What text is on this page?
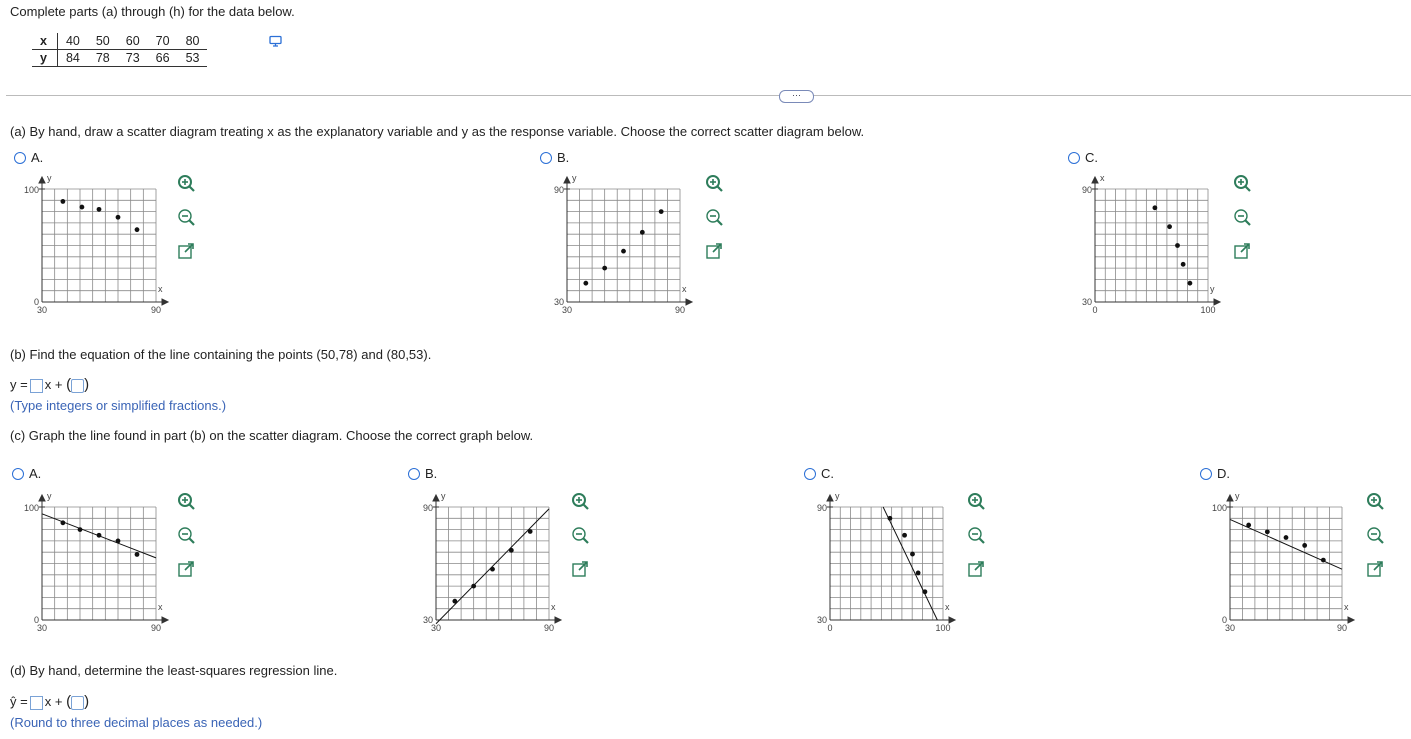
Complete parts (a) through (h) for the data below.
x	40	50	60	70	80
y	84	78	73	66	53
⋯
(a) By hand, draw a scatter diagram treating x as the explanatory variable and y as the response variable. Choose the correct scatter diagram below.
A.	B.	C.
(b) Find the equation of the line containing the points (50,78) and (80,53).
y = x + ( )
(Type integers or simplified fractions.)
(c) Graph the line found in part (b) on the scatter diagram. Choose the correct graph below.
A.	B.	C.	D.
(d) By hand, determine the least-squares regression line.
ŷ = x + ( )
(Round to three decimal places as needed.)
y
x
100
0
30	90
y
x
90
30
30	90
x
y
90
30
0	100
y
x
100
0
30	90
y
x
90
30
30	90
y
x
90
30
0	100
y
x
100
0
30	90
